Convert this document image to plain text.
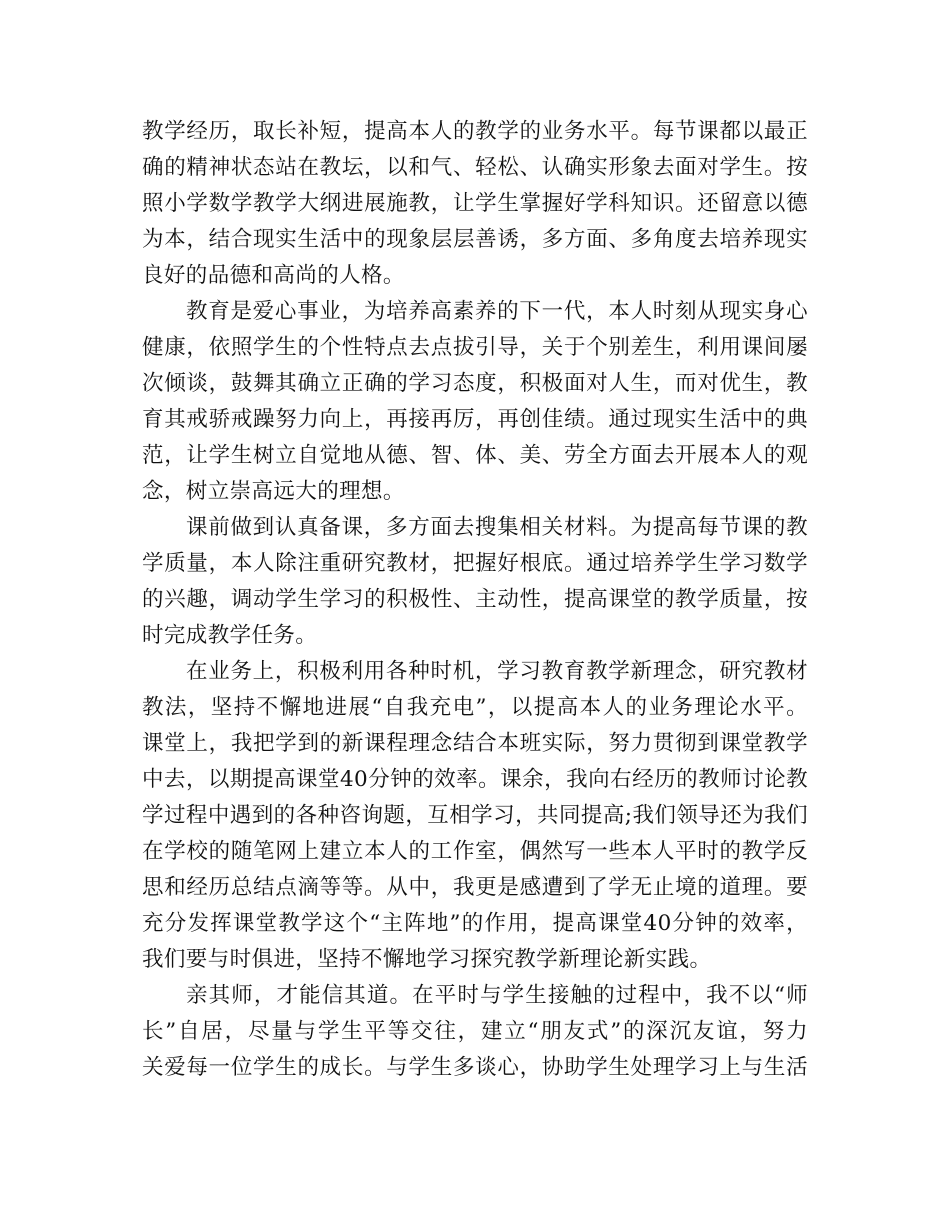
教学经历，取长补短，提高本人的教学的业务水平。每节课都以最正
确的精神状态站在教坛，以和气、轻松、认确实形象去面对学生。按
照小学数学教学大纲进展施教，让学生掌握好学科知识。还留意以德
为本，结合现实生活中的现象层层善诱，多方面、多角度去培养现实
良好的品德和高尚的人格。
教育是爱心事业，为培养高素养的下一代，本人时刻从现实身心
健康，依照学生的个性特点去点拔引导，关于个别差生，利用课间屡
次倾谈，鼓舞其确立正确的学习态度，积极面对人生，而对优生，教
育其戒骄戒躁努力向上，再接再厉，再创佳绩。通过现实生活中的典
范，让学生树立自觉地从德、智、体、美、劳全方面去开展本人的观
念，树立崇高远大的理想。
课前做到认真备课，多方面去搜集相关材料。为提高每节课的教
学质量，本人除注重研究教材，把握好根底。通过培养学生学习数学
的兴趣，调动学生学习的积极性、主动性，提高课堂的教学质量，按
时完成教学任务。
在业务上，积极利用各种时机，学习教育教学新理念，研究教材
教法，坚持不懈地进展“自我充电”，以提高本人的业务理论水平。
课堂上，我把学到的新课程理念结合本班实际，努力贯彻到课堂教学
中去，以期提高课堂40分钟的效率。课余，我向右经历的教师讨论教
学过程中遇到的各种咨询题，互相学习，共同提高;我们领导还为我们
在学校的随笔网上建立本人的工作室，偶然写一些本人平时的教学反
思和经历总结点滴等等。从中，我更是感遭到了学无止境的道理。要
充分发挥课堂教学这个“主阵地”的作用，提高课堂40分钟的效率，
我们要与时俱进，坚持不懈地学习探究教学新理论新实践。
亲其师，才能信其道。在平时与学生接触的过程中，我不以“师
长”自居，尽量与学生平等交往，建立“朋友式”的深沉友谊，努力
关爱每一位学生的成长。与学生多谈心，协助学生处理学习上与生活
